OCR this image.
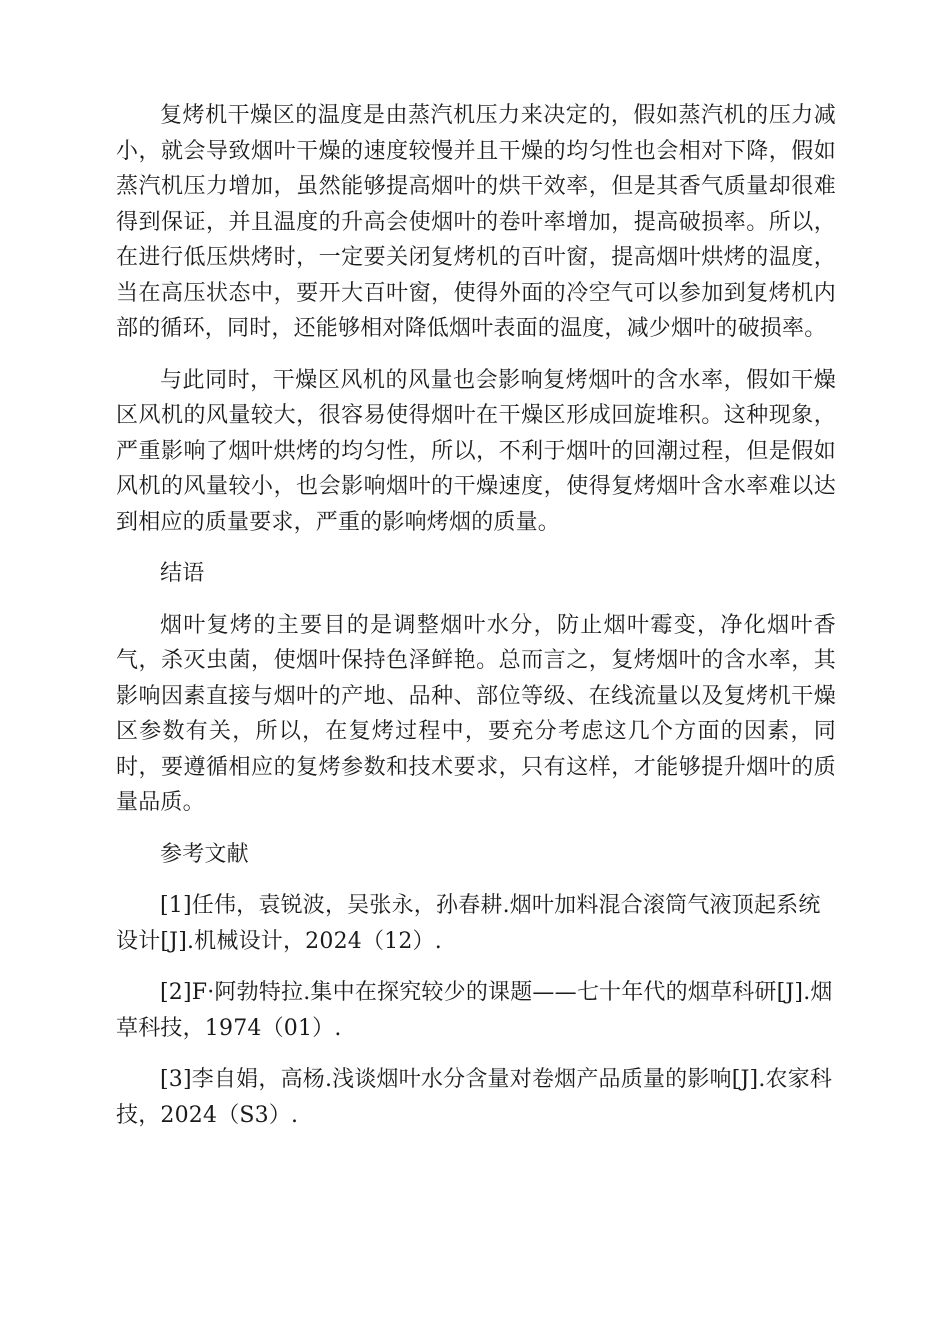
复烤机干燥区的温度是由蒸汽机压力来决定的，假如蒸汽机的压力减小，就会导致烟叶干燥的速度较慢并且干燥的均匀性也会相对下降，假如蒸汽机压力增加，虽然能够提高烟叶的烘干效率，但是其香气质量却很难得到保证，并且温度的升高会使烟叶的卷叶率增加，提高破损率。所以，在进行低压烘烤时，一定要关闭复烤机的百叶窗，提高烟叶烘烤的温度，当在高压状态中，要开大百叶窗，使得外面的冷空气可以参加到复烤机内部的循环，同时，还能够相对降低烟叶表面的温度，减少烟叶的破损率。

与此同时，干燥区风机的风量也会影响复烤烟叶的含水率，假如干燥区风机的风量较大，很容易使得烟叶在干燥区形成回旋堆积。这种现象，严重影响了烟叶烘烤的均匀性，所以，不利于烟叶的回潮过程，但是假如风机的风量较小，也会影响烟叶的干燥速度，使得复烤烟叶含水率难以达到相应的质量要求，严重的影响烤烟的质量。

结语

烟叶复烤的主要目的是调整烟叶水分，防止烟叶霉变，净化烟叶香气，杀灭虫菌，使烟叶保持色泽鲜艳。总而言之，复烤烟叶的含水率，其影响因素直接与烟叶的产地、品种、部位等级、在线流量以及复烤机干燥区参数有关，所以，在复烤过程中，要充分考虑这几个方面的因素，同时，要遵循相应的复烤参数和技术要求，只有这样，才能够提升烟叶的质量品质。

参考文献

[1]任伟，袁锐波，吴张永，孙春耕.烟叶加料混合滚筒气液顶起系统设计[J].机械设计，2024（12）.

[2]F·阿勃特拉.集中在探究较少的课题——七十年代的烟草科研[J].烟草科技，1974（01）.

[3]李自娟，高杨.浅谈烟叶水分含量对卷烟产品质量的影响[J].农家科技，2024（S3）.
